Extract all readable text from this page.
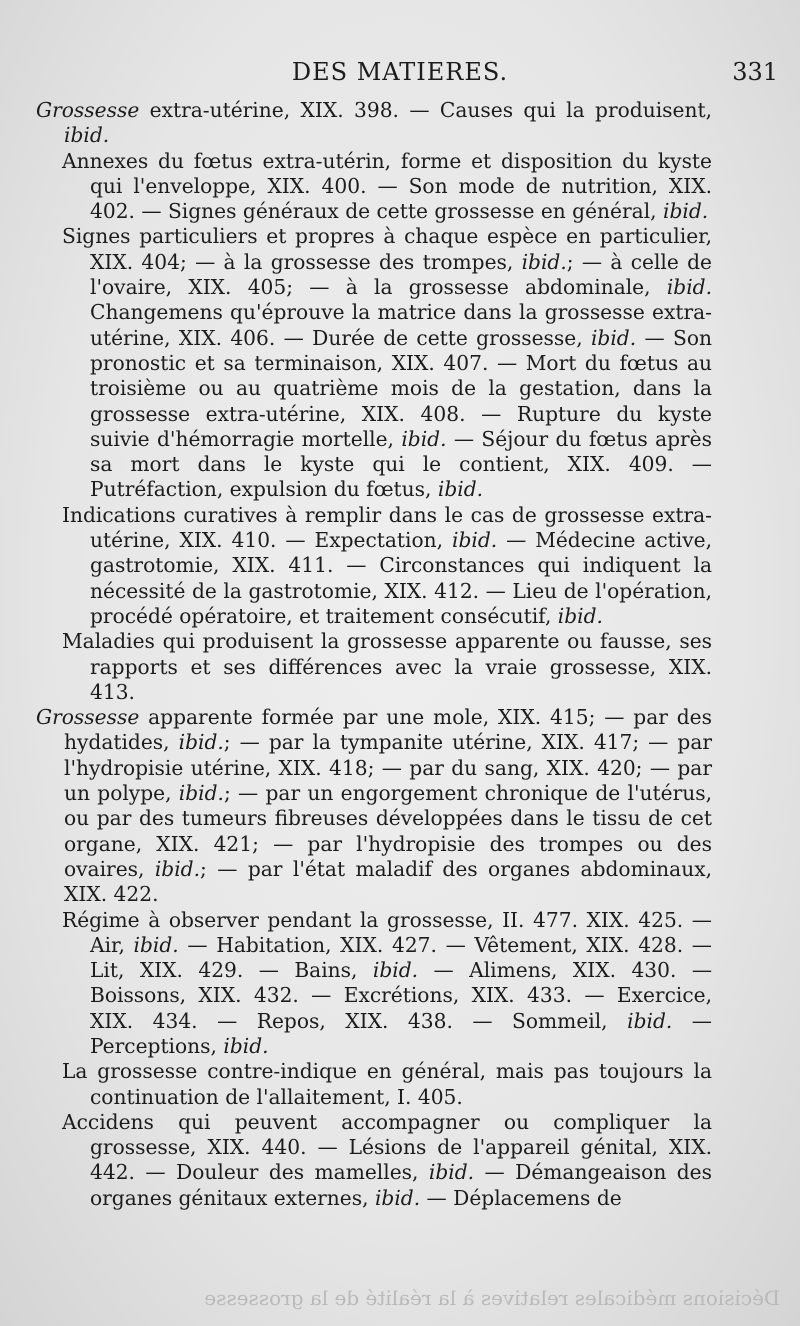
Décisions médicales relatives à la réalité de la grossesse
DES MATIERES.	331

Grossesse extra-utérine, XIX. 398. — Causes qui la produisent, ibid.

Annexes du fœtus extra-utérin, forme et disposition du kyste qui l'enveloppe, XIX. 400. — Son mode de nutrition, XIX. 402. — Signes généraux de cette grossesse en général, ibid.

Signes particuliers et propres à chaque espèce en particulier, XIX. 404; — à la grossesse des trompes, ibid.; — à celle de l'ovaire, XIX. 405; — à la grossesse abdominale, ibid. Changemens qu'éprouve la matrice dans la grossesse extra-utérine, XIX. 406. — Durée de cette grossesse, ibid. — Son pronostic et sa terminaison, XIX. 407. — Mort du fœtus au troisième ou au quatrième mois de la gestation, dans la grossesse extra-utérine, XIX. 408. — Rupture du kyste suivie d'hémorragie mortelle, ibid. — Séjour du fœtus après sa mort dans le kyste qui le contient, XIX. 409. — Putréfaction, expulsion du fœtus, ibid.

Indications curatives à remplir dans le cas de grossesse extra-utérine, XIX. 410. — Expectation, ibid. — Médecine active, gastrotomie, XIX. 411. — Circonstances qui indiquent la nécessité de la gastrotomie, XIX. 412. — Lieu de l'opération, procédé opératoire, et traitement consécutif, ibid.

Maladies qui produisent la grossesse apparente ou fausse, ses rapports et ses différences avec la vraie grossesse, XIX. 413.

Grossesse apparente formée par une mole, XIX. 415; — par des hydatides, ibid.; — par la tympanite utérine, XIX. 417; — par l'hydropisie utérine, XIX. 418; — par du sang, XIX. 420; — par un polype, ibid.; — par un engorgement chronique de l'utérus, ou par des tumeurs fibreuses développées dans le tissu de cet organe, XIX. 421; — par l'hydropisie des trompes ou des ovaires, ibid.; — par l'état maladif des organes abdominaux, XIX. 422.

Régime à observer pendant la grossesse, II. 477. XIX. 425. — Air, ibid. — Habitation, XIX. 427. — Vêtement, XIX. 428. — Lit, XIX. 429. — Bains, ibid. — Alimens, XIX. 430. — Boissons, XIX. 432. — Excrétions, XIX. 433. — Exercice, XIX. 434. — Repos, XIX. 438. — Sommeil, ibid. — Perceptions, ibid.

La grossesse contre-indique en général, mais pas toujours la continuation de l'allaitement, I. 405.

Accidens qui peuvent accompagner ou compliquer la grossesse, XIX. 440. — Lésions de l'appareil génital, XIX. 442. — Douleur des mamelles, ibid. — Démangeaison des organes génitaux externes, ibid. — Déplacemens de
